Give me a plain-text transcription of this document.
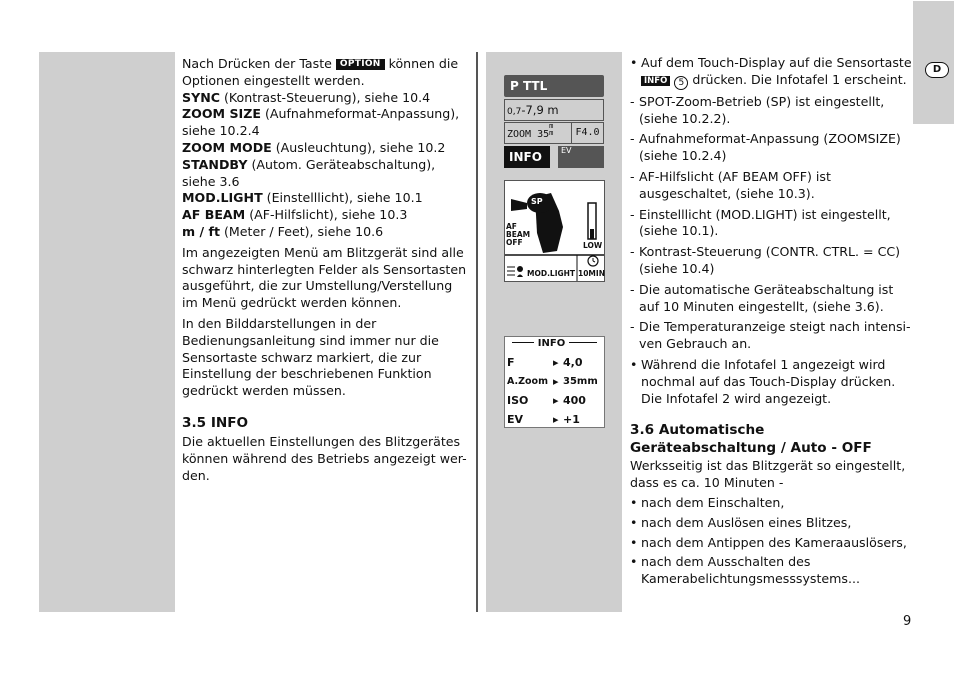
D

Nach Drücken der Taste OPTION können die Optionen eingestellt werden.

SYNC (Kontrast-Steuerung), siehe 10.4

ZOOM SIZE (Aufnahmeformat-Anpassung), siehe 10.2.4

ZOOM MODE (Ausleuchtung), siehe 10.2

STANDBY (Autom. Geräteabschaltung), siehe 3.6

MOD.LIGHT (Einstelllicht), siehe 10.1

AF BEAM (AF-Hilfslicht), siehe 10.3

m / ft (Meter / Feet), siehe 10.6

Im angezeigten Menü am Blitzgerät sind alle schwarz hinterlegten Felder als Sensortasten ausgeführt, die zur Umstellung/Verstellung im Menü gedrückt werden können.

In den Bilddarstellungen in der Bedienungsanleitung sind immer nur die Sensortaste schwarz markiert, die zur Einstellung der beschriebenen Funktion gedrückt werden müssen.

3.5 INFO

Die aktuellen Einstellungen des Blitzgerätes können während des Betriebs angezeigt wer-den.

P TTL
0,7-7,9 m
ZOOM 35m
m	F4.0
INFO	EV
SP
AF BEAM OFF	LOW
MOD.LIGHT 10MIN
INFO
F	▸	4,0
A.Zoom	▸	35mm
ISO	▸	400
EV	▸	+1

• Auf dem Touch-Display auf die Sensortaste
INFO 5 drücken. Die Infotafel 1 erscheint.

- SPOT-Zoom-Betrieb (SP) ist eingestellt, (siehe 10.2.2).

- Aufnahmeformat-Anpassung (ZOOMSIZE) (siehe 10.2.4)

- AF-Hilfslicht (AF BEAM OFF) ist ausgeschaltet, (siehe 10.3).

- Einstelllicht (MOD.LIGHT) ist eingestellt, (siehe 10.1).

- Kontrast-Steuerung (CONTR. CTRL. = CC) (siehe 10.4)

- Die automatische Geräteabschaltung ist auf 10 Minuten eingestellt, (siehe 3.6).

- Die Temperaturanzeige steigt nach intensi-ven Gebrauch an.

• Während die Infotafel 1 angezeigt wird nochmal auf das Touch-Display drücken. Die Infotafel 2 wird angezeigt.

3.6 Automatische Geräteabschaltung / Auto - OFF

Werksseitig ist das Blitzgerät so eingestellt, dass es ca. 10 Minuten -

• nach dem Einschalten,

• nach dem Auslösen eines Blitzes,

• nach dem Antippen des Kameraauslösers,

• nach dem Ausschalten des Kamerabelichtungsmesssystems...

9
